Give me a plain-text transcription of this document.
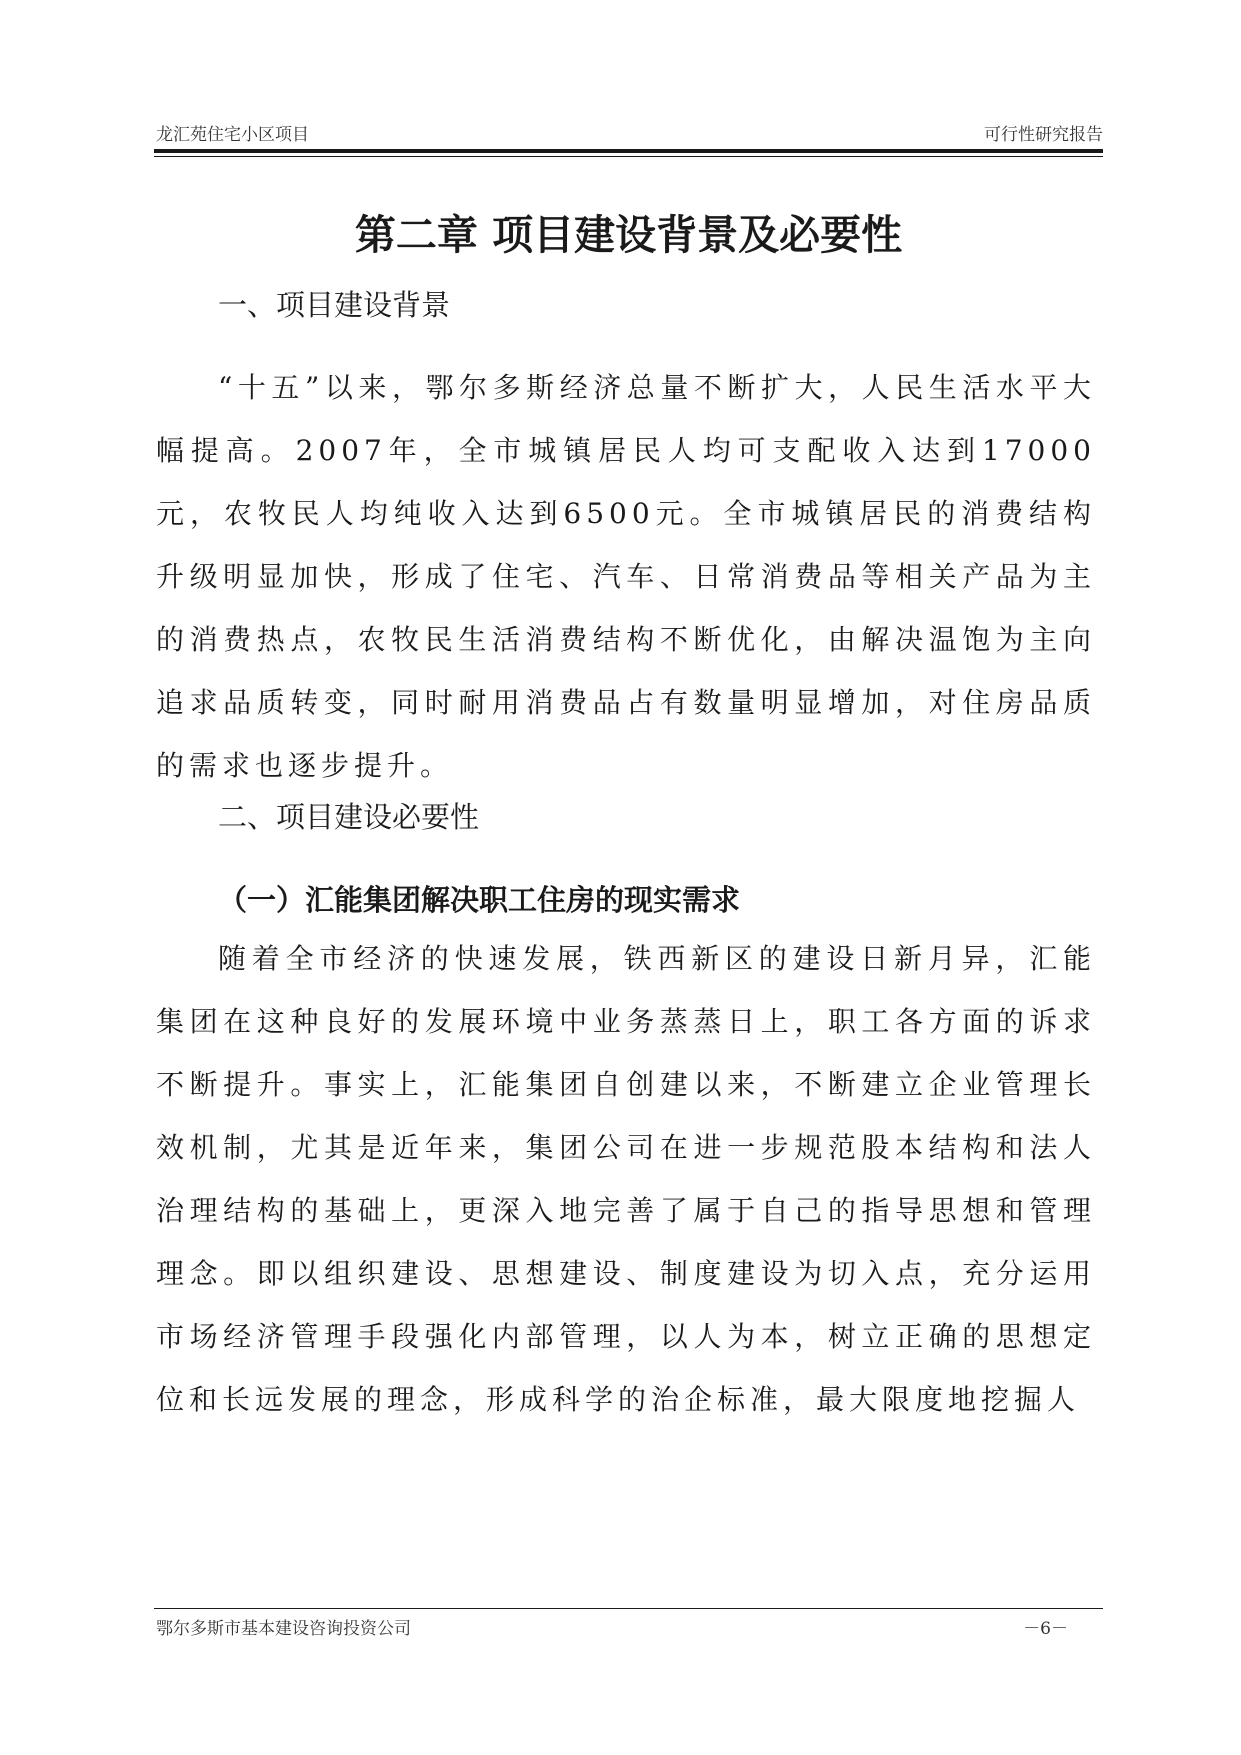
龙汇苑住宅小区项目	可行性研究报告
第二章 项目建设背景及必要性
一、项目建设背景

“十五”以来，鄂尔多斯经济总量不断扩大，人民生活水平大幅提高。2007年，全市城镇居民人均可支配收入达到17000元，农牧民人均纯收入达到6500元。全市城镇居民的消费结构升级明显加快，形成了住宅、汽车、日常消费品等相关产品为主的消费热点，农牧民生活消费结构不断优化，由解决温饱为主向追求品质转变，同时耐用消费品占有数量明显增加，对住房品质的需求也逐步提升。

二、项目建设必要性
（一）汇能集团解决职工住房的现实需求

随着全市经济的快速发展，铁西新区的建设日新月异，汇能集团在这种良好的发展环境中业务蒸蒸日上，职工各方面的诉求不断提升。事实上，汇能集团自创建以来，不断建立企业管理长效机制，尤其是近年来，集团公司在进一步规范股本结构和法人治理结构的基础上，更深入地完善了属于自己的指导思想和管理理念。即以组织建设、思想建设、制度建设为切入点，充分运用市场经济管理手段强化内部管理，以人为本，树立正确的思想定位和长远发展的理念，形成科学的治企标准，最大限度地挖掘人

鄂尔多斯市基本建设咨询投资公司	－6－
